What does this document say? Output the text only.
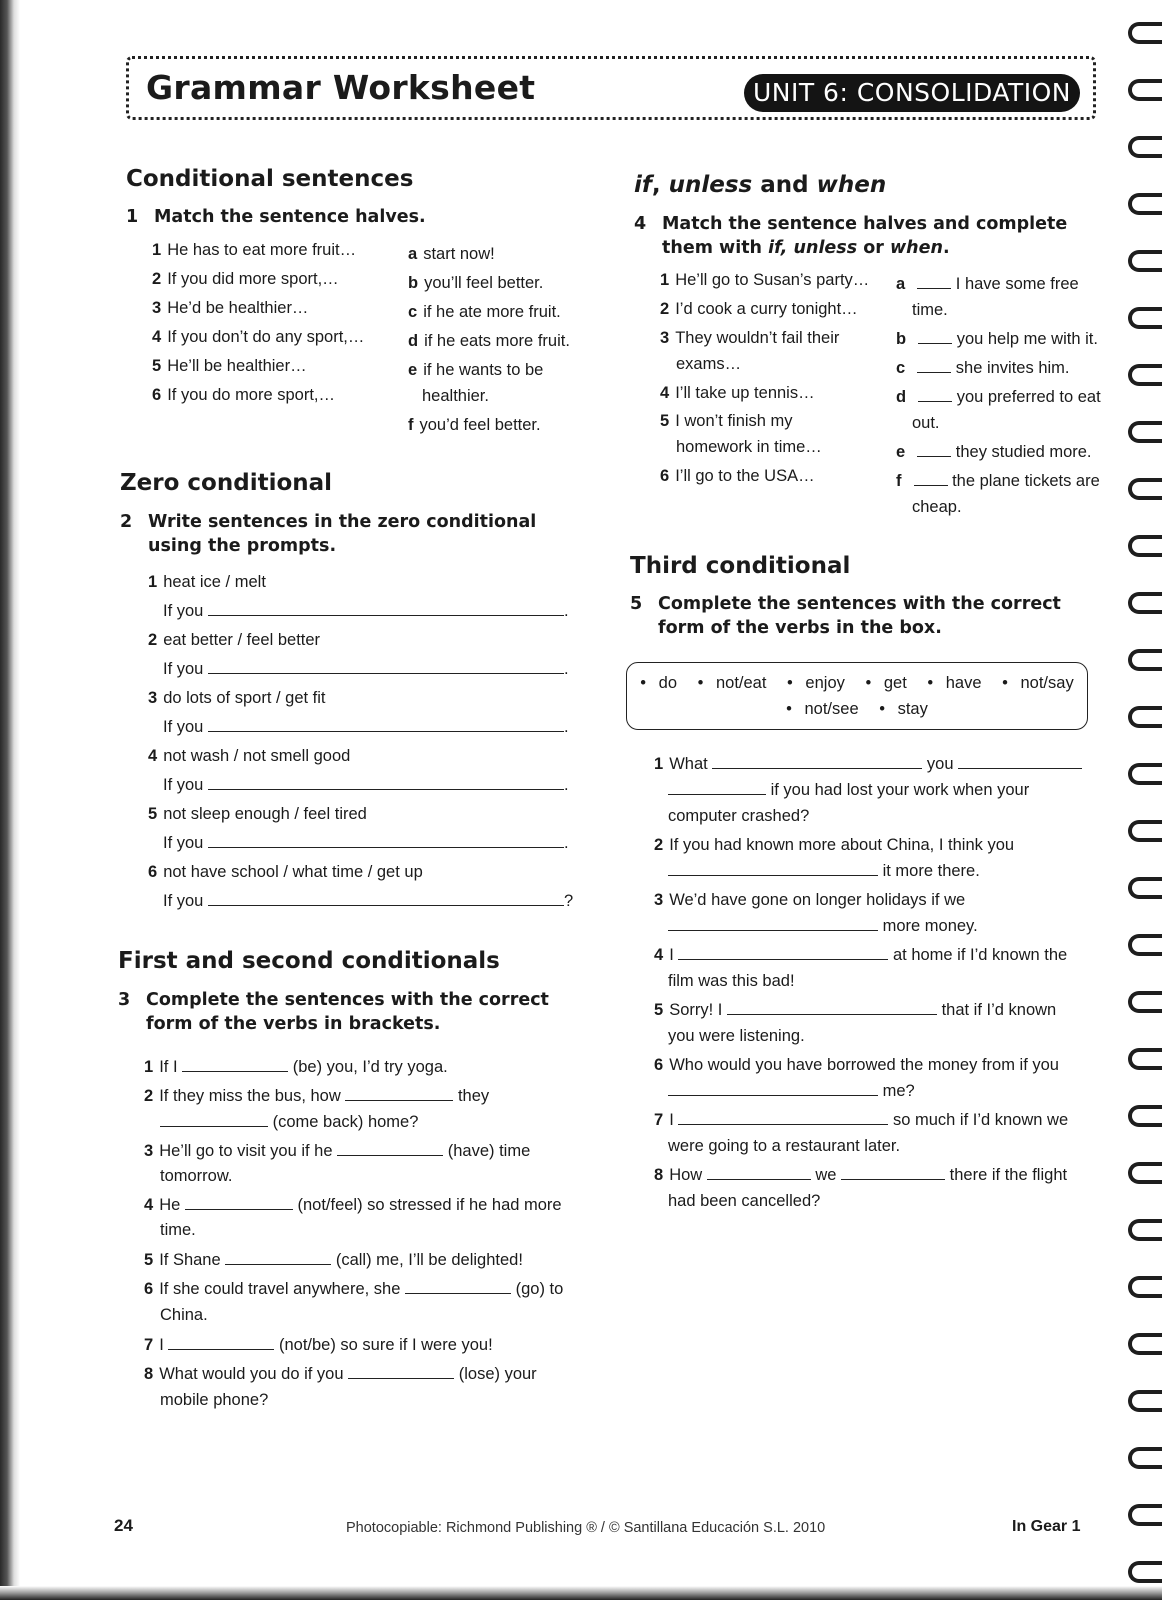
Grammar Worksheet	UNIT 6: CONSOLIDATION
Conditional sentences
1 Match the sentence halves.
1 He has to eat more fruit…
2 If you did more sport,…
3 He’d be healthier…
4 If you don’t do any sport,…
5 He’ll be healthier…
6 If you do more sport,…
a start now!
b you’ll feel better.
c if he ate more fruit.
d if he eats more fruit.
e if he wants to be
healthier.
f you’d feel better.
Zero conditional
2 Write sentences in the zero conditional using the prompts.
1 heat ice / melt
If you	.
2 eat better / feel better
If you	.
3 do lots of sport / get fit
If you	.
4 not wash / not smell good
If you	.
5 not sleep enough / feel tired
If you	.
6 not have school / what time / get up
If you	?
First and second conditionals
3 Complete the sentences with the correct form of the verbs in brackets.
1 If I	(be) you, I’d try yoga.
2 If they miss the bus, how	they
(come back) home?
3 He’ll go to visit you if he	(have) time
tomorrow.
4 He	(not/feel) so stressed if he had more
time.
5 If Shane	(call) me, I’ll be delighted!
6 If she could travel anywhere, she	(go) to
China.
7 I	(not/be) so sure if I were you!
8 What would you do if you	(lose) your
mobile phone?
if, unless and when
4 Match the sentence halves and complete them with if, unless or when.
1 He’ll go to Susan’s party…
2 I’d cook a curry tonight…
3 They wouldn’t fail their
exams…
4 I’ll take up tennis…
5 I won’t finish my
homework in time…
6 I’ll go to the USA…
a	I have some free
time.
b	you help me with it.
c	she invites him.
d	you preferred to eat
out.
e	they studied more.
f	the plane tickets are
cheap.
Third conditional
5 Complete the sentences with the correct form of the verbs in the box.
• do • not/eat • enjoy • get • have • not/say
• not/see • stay
1 What	you
if you had lost your work when your
computer crashed?
2 If you had known more about China, I think you
it more there.
3 We’d have gone on longer holidays if we
more money.
4 I	at home if I’d known the
film was this bad!
5 Sorry! I	that if I’d known
you were listening.
6 Who would you have borrowed the money from if you
me?
7 I	so much if I’d known we
were going to a restaurant later.
8 How	we	there if the flight
had been cancelled?
24	Photocopiable: Richmond Publishing ® / © Santillana Educación S.L. 2010	In Gear 1
